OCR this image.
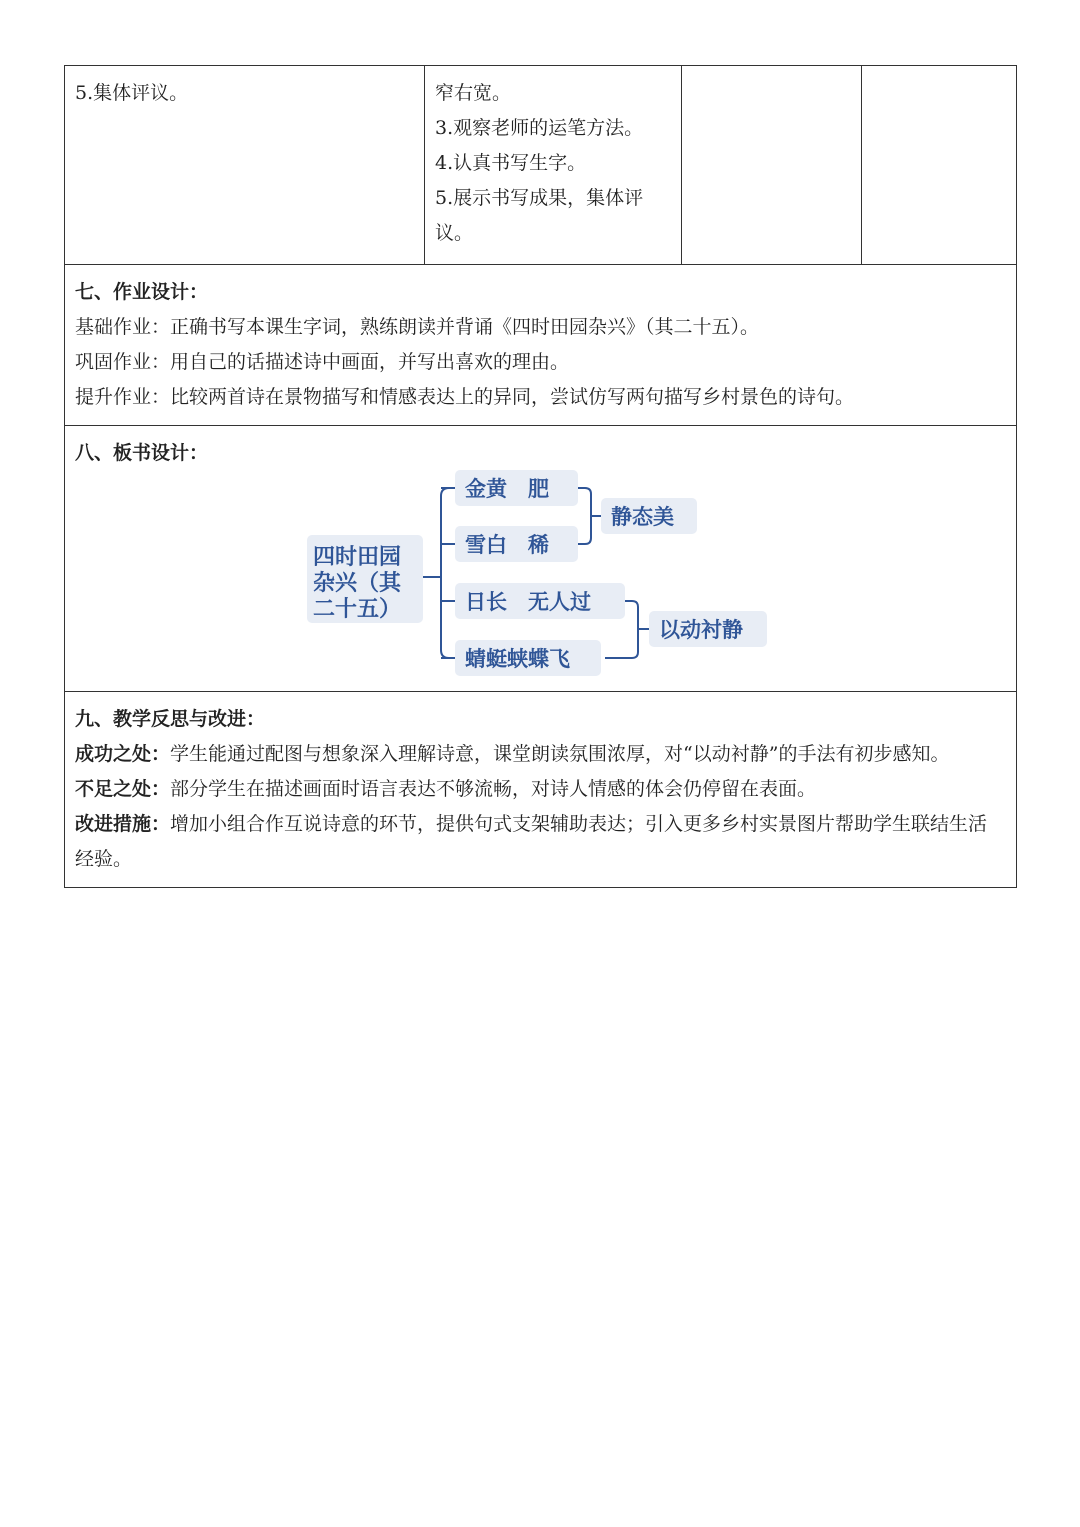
5.集体评议。	窄右宽。
3.观察老师的运笔方法。
4.认真书写生字。
5.展示书写成果，集体评
议。

七、作业设计：
基础作业：正确书写本课生字词，熟练朗读并背诵《四时田园杂兴》（其二十五）。
巩固作业：用自己的话描述诗中画面，并写出喜欢的理由。
提升作业：比较两首诗在景物描写和情感表达上的异同，尝试仿写两句描写乡村景色的诗句。

八、板书设计：
四时田园
杂兴（其
二十五）
金黄　肥
雪白　稀
日长　无人过
蜻蜓蛱蝶飞
静态美
以动衬静

九、教学反思与改进：
成功之处：学生能通过配图与想象深入理解诗意，课堂朗读氛围浓厚，对“以动衬静”的手法有初步感知。
不足之处：部分学生在描述画面时语言表达不够流畅，对诗人情感的体会仍停留在表面。
改进措施：增加小组合作互说诗意的环节，提供句式支架辅助表达；引入更多乡村实景图片帮助学生联结生活经验。
